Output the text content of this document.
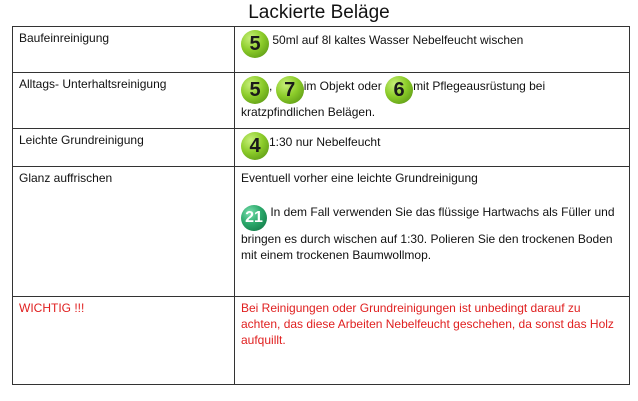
Lackierte Beläge
Baufeinreinigung	5 50ml auf 8l kaltes Wasser Nebelfeucht wischen
Alltags- Unterhaltsreinigung	5 , 7 im Objekt oder 6 mit Pflegeausrüstung bei kratzpfindlichen Belägen.
Leichte Grundreinigung	4 1:30 nur Nebelfeucht
Glanz auffrischen	Eventuell vorher eine leichte Grundreinigung
21 In dem Fall verwenden Sie das flüssige Hartwachs als Füller und bringen es durch wischen auf 1:30. Polieren Sie den trockenen Boden mit einem trockenen Baumwollmop.
WICHTIG !!!	Bei Reinigungen oder Grundreinigungen ist unbedingt darauf zu achten, das diese Arbeiten Nebelfeucht geschehen, da sonst das Holz aufquillt.
